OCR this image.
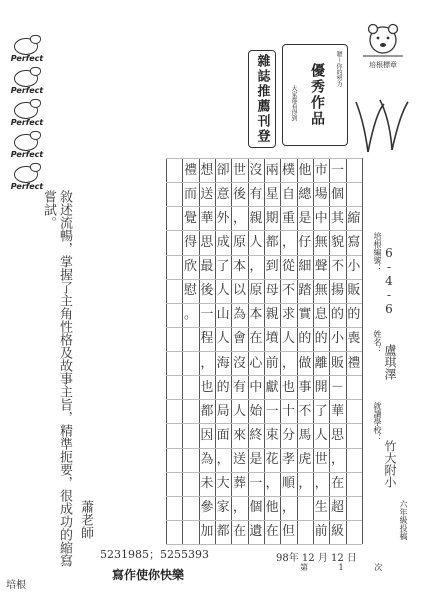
Perfect
Perfect
Perfect
Perfect
Perfect
雜誌推薦刊登	嗯～你的努力
優秀作品
大家都看得到
培根標章
敘述流暢，掌握了主角性格及故事主旨，精準扼要，很成功的縮寫嘗試。
蕭老師
縮
寫
小
販
的
喪
禮
一
個
其
貌
不
揚
的
小
販
－
華
思
，
在
超
級
市
場
中
無
聲
無
息
的
離
開
了
人
世
，
生
前
他
總
是
仔
細
踏
實
的
做
事
不
馬
虎
，
樸
自
重
，
從
不
求
人
，
也
十
分
孝
順
，
但
兩
星
期
都
到
母
親
墳
前
獻
一
束
花
，
他
在
沒
有
親
人
，
原
本
在
心
中
始
終
是
一
個
遺
世
後
，
原
本
以
為
會
沒
有
人
來
送
葬
，
在
卻
意
外
成
了
人
山
人
海
的
局
面
，
大
家
都
想
送
華
思
最
後
一
程
，
也
都
因
為
未
參
加
禮
而
覺
得
欣
慰
。
培根編號： 6-4-6
姓名：
盧琪澤
就讀學校：
竹大附小
六年級投稿
98年 12 月 12 日
第	1	次
5231985；5255393
寫作使你快樂
培根
